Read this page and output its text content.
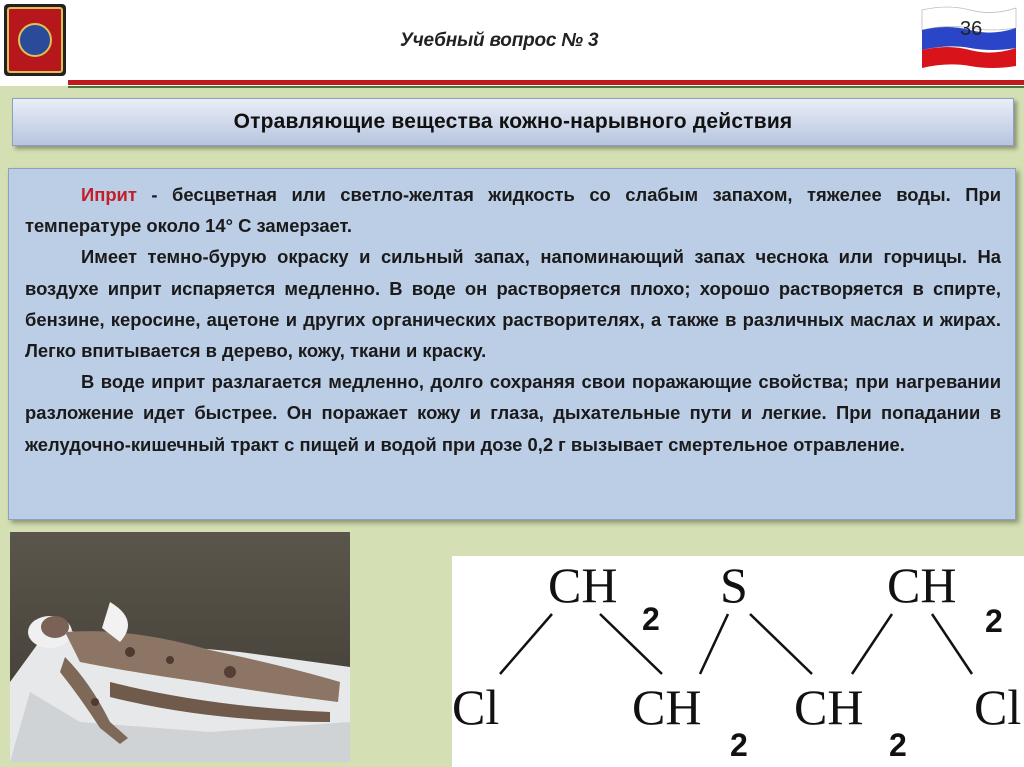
Учебный вопрос № 3
36
Отравляющие вещества кожно-нарывного действия

Иприт - бесцветная или светло-желтая жидкость со слабым запахом, тяжелее воды. При температуре около 14° С замерзает.

Имеет темно-бурую окраску и сильный запах, напоминающий запах чеснока или горчицы. На воздухе иприт испаряется медленно. В воде он растворяется плохо; хорошо растворяется в спирте, бензине, керосине, ацетоне и других органических растворителях, а также в различных маслах и жирах. Легко впитывается в дерево, кожу, ткани и краску.

В воде иприт разлагается медленно, долго сохраняя свои поражающие свойства; при нагревании разложение идет быстрее. Он поражает кожу и глаза, дыхательные пути и легкие. При попадании в желудочно-кишечный тракт с пищей и водой при дозе 0,2 г вызывает смертельное отравление.

CH S	CH
Cl	CH CH Cl
2	2
2	2
